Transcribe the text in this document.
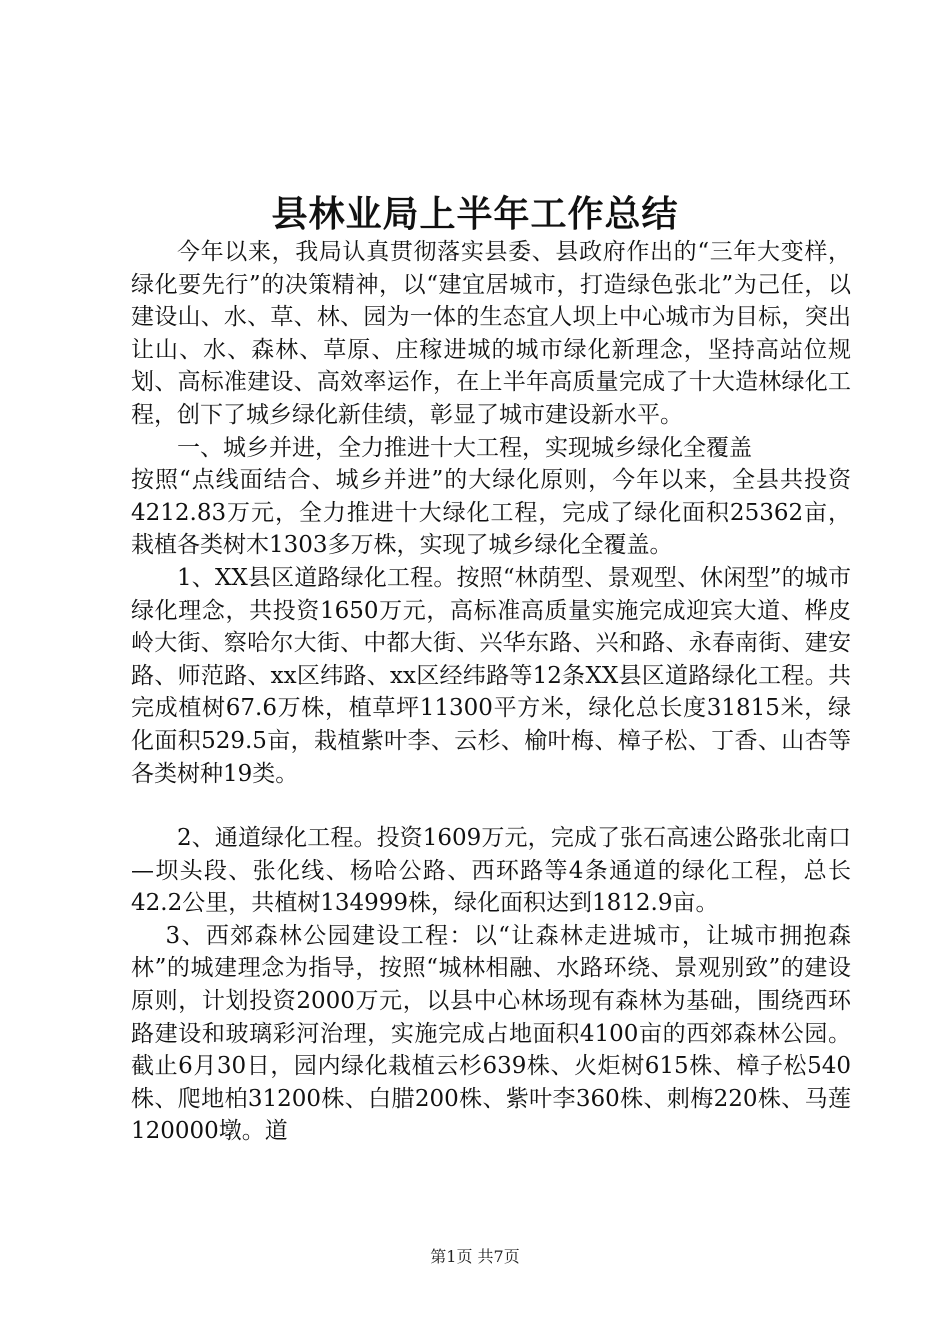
县林业局上半年工作总结

今年以来，我局认真贯彻落实县委、县政府作出的“三年大变样，绿化要先行”的决策精神，以“建宜居城市，打造绿色张北”为己任，以建设山、水、草、林、园为一体的生态宜人坝上中心城市为目标，突出让山、水、森林、草原、庄稼进城的城市绿化新理念，坚持高站位规划、高标准建设、高效率运作，在上半年高质量完成了十大造林绿化工程，创下了城乡绿化新佳绩，彰显了城市建设新水平。

一、城乡并进，全力推进十大工程，实现城乡绿化全覆盖

按照“点线面结合、城乡并进”的大绿化原则，今年以来，全县共投资4212.83万元，全力推进十大绿化工程，完成了绿化面积25362亩，栽植各类树木1303多万株，实现了城乡绿化全覆盖。

1、XX县区道路绿化工程。按照“林荫型、景观型、休闲型”的城市绿化理念，共投资1650万元，高标准高质量实施完成迎宾大道、桦皮岭大街、察哈尔大街、中都大街、兴华东路、兴和路、永春南街、建安路、师范路、xx区纬路、xx区经纬路等12条XX县区道路绿化工程。共完成植树67.6万株，植草坪11300平方米，绿化总长度31815米，绿化面积529.5亩，栽植紫叶李、云杉、榆叶梅、樟子松、丁香、山杏等各类树种19类。

2、通道绿化工程。投资1609万元，完成了张石高速公路张北南口—坝头段、张化线、杨哈公路、西环路等4条通道的绿化工程，总长42.2公里，共植树134999株，绿化面积达到1812.9亩。

3、西郊森林公园建设工程：以“让森林走进城市，让城市拥抱森林”的城建理念为指导，按照“城林相融、水路环绕、景观别致”的建设原则，计划投资2000万元，以县中心林场现有森林为基础，围绕西环路建设和玻璃彩河治理，实施完成占地面积4100亩的西郊森林公园。截止6月30日，园内绿化栽植云杉639株、火炬树615株、樟子松540株、爬地柏31200株、白腊200株、紫叶李360株、刺梅220株、马莲120000墩。道

第1页 共7页
